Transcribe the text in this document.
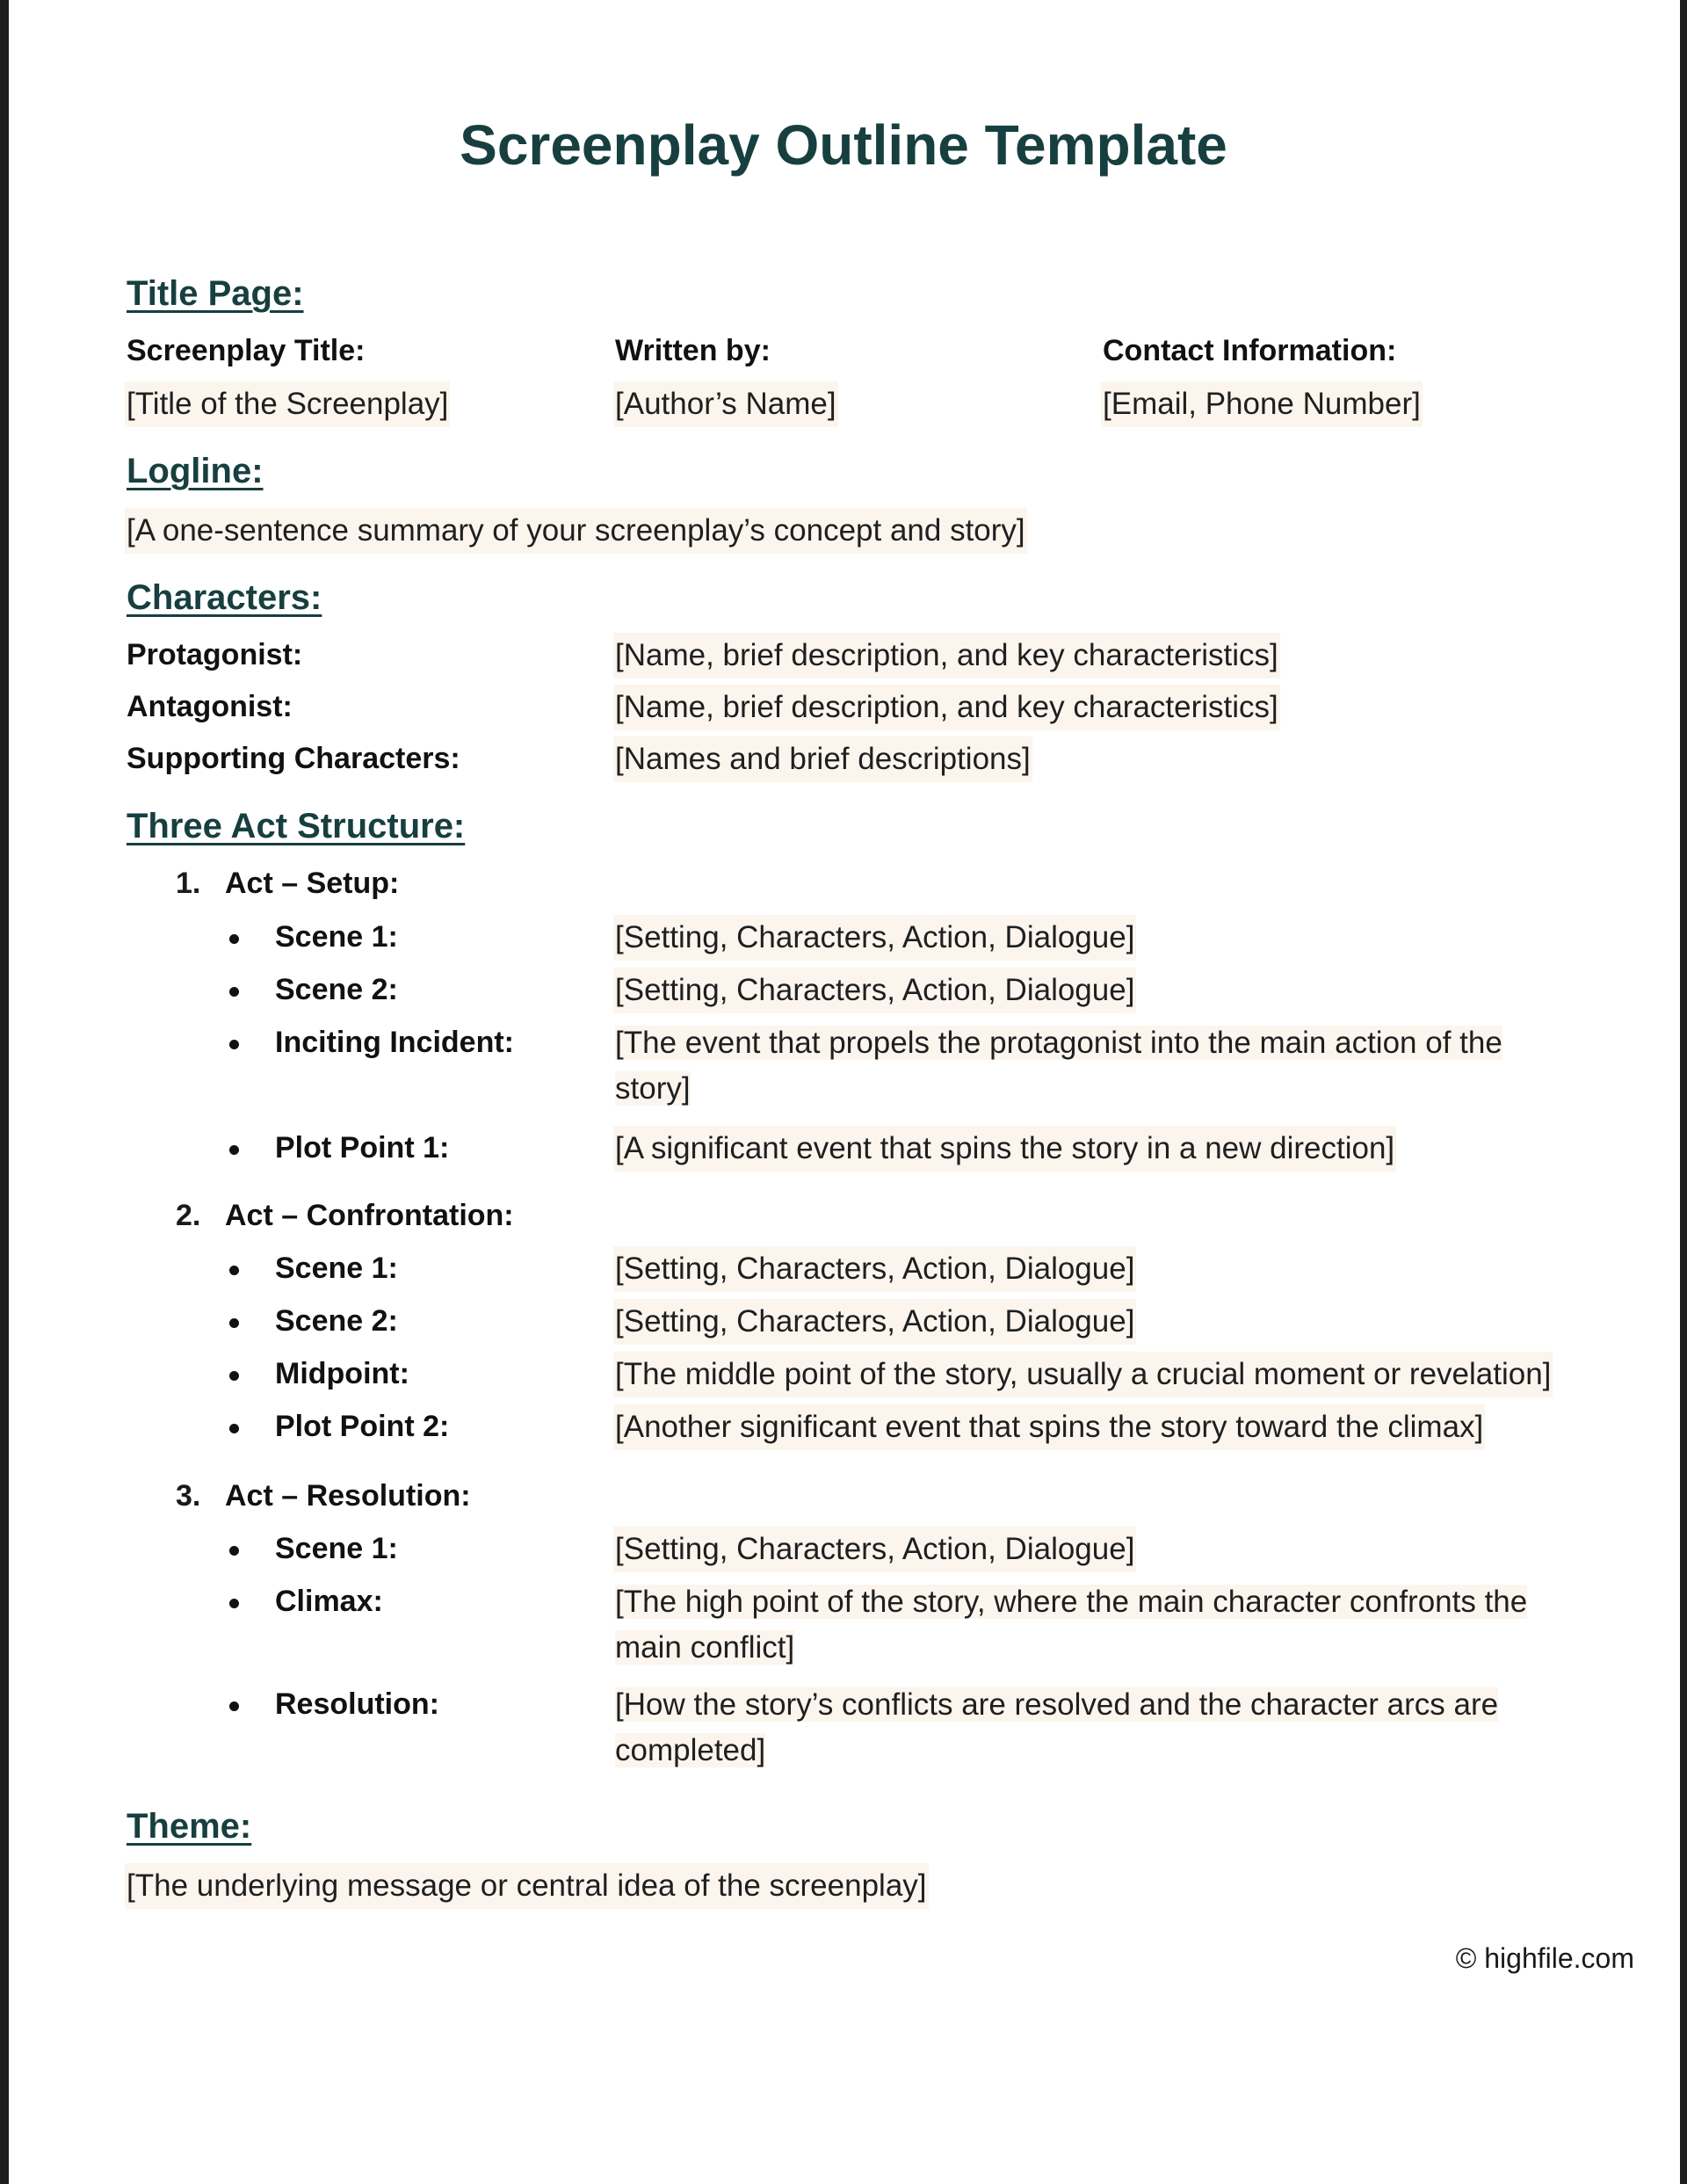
Screenplay Outline Template
Title Page:
Screenplay Title:	Written by:	Contact Information:
[Title of the Screenplay]	[Author’s Name]	[Email, Phone Number]
Logline:
[A one-sentence summary of your screenplay’s concept and story]
Characters:
Protagonist:	[Name, brief description, and key characteristics]
Antagonist:	[Name, brief description, and key characteristics]
Supporting Characters:	[Names and brief descriptions]
Three Act Structure:
1. Act – Setup:
Scene 1:	[Setting, Characters, Action, Dialogue]
Scene 2:	[Setting, Characters, Action, Dialogue]
Inciting Incident:	[The event that propels the protagonist into the main action of the story]
Plot Point 1:	[A significant event that spins the story in a new direction]
2. Act – Confrontation:
Scene 1:	[Setting, Characters, Action, Dialogue]
Scene 2:	[Setting, Characters, Action, Dialogue]
Midpoint:	[The middle point of the story, usually a crucial moment or revelation]
Plot Point 2:	[Another significant event that spins the story toward the climax]
3. Act – Resolution:
Scene 1:	[Setting, Characters, Action, Dialogue]
Climax:	[The high point of the story, where the main character confronts the main conflict]
Resolution:	[How the story’s conflicts are resolved and the character arcs are completed]
Theme:
[The underlying message or central idea of the screenplay]
© highfile.com
